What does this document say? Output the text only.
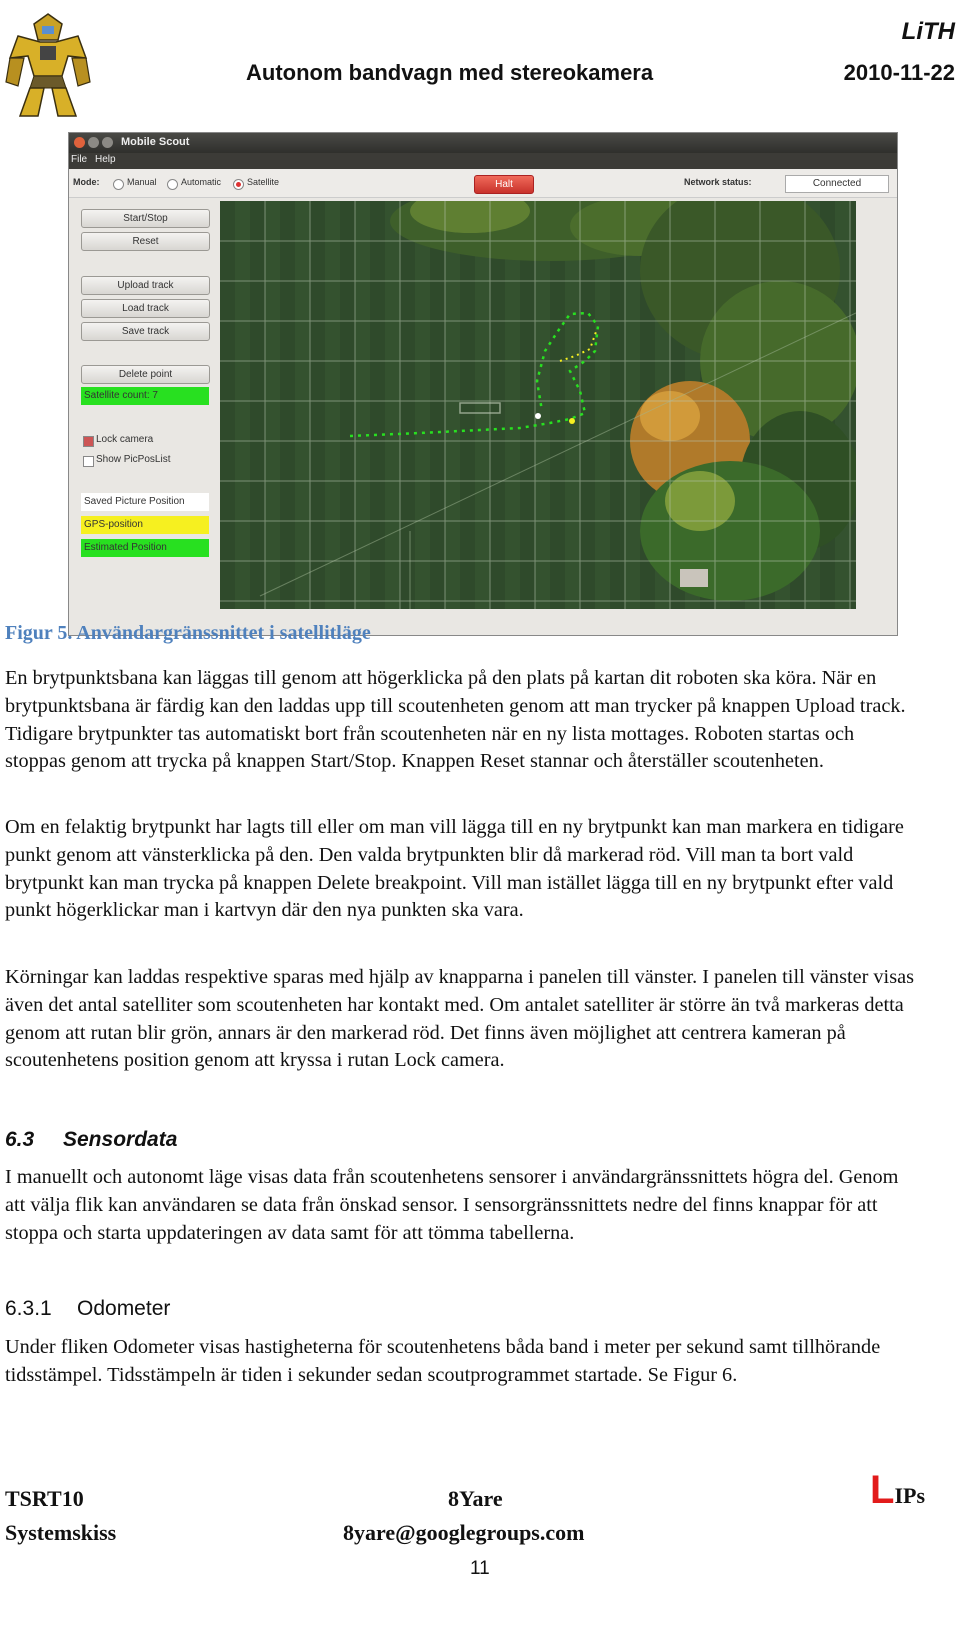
LiTH
Autonom bandvagn med stereokamera	2010-11-22
Mobile Scout
File Help
Mode:	Manual	Automatic	Satellite	Network status:
Halt	Connected
Start/Stop
Reset
Upload track
Load track
Save track
Delete point
Satellite count: 7
Lock camera
Show PicPosList
Saved Picture Position
GPS-position
Estimated Position
Figur 5. Användargränssnittet i satellitläge

En brytpunktsbana kan läggas till genom att högerklicka på den plats på kartan dit roboten ska köra. När en brytpunktsbana är färdig kan den laddas upp till scoutenheten genom att man trycker på knappen Upload track. Tidigare brytpunkter tas automatiskt bort från scoutenheten när en ny lista mottages. Roboten startas och stoppas genom att trycka på knappen Start/Stop. Knappen Reset stannar och återställer scoutenheten.

Om en felaktig brytpunkt har lagts till eller om man vill lägga till en ny brytpunkt kan man markera en tidigare punkt genom att vänsterklicka på den. Den valda brytpunkten blir då markerad röd. Vill man ta bort vald brytpunkt kan man trycka på knappen Delete breakpoint. Vill man istället lägga till en ny brytpunkt efter vald punkt högerklickar man i kartvyn där den nya punkten ska vara.

Körningar kan laddas respektive sparas med hjälp av knapparna i panelen till vänster. I panelen till vänster visas även det antal satelliter som scoutenheten har kontakt med. Om antalet satelliter är större än två markeras detta genom att rutan blir grön, annars är den markerad röd. Det finns även möjlighet att centrera kameran på scoutenhetens position genom att kryssa i rutan Lock camera.

6.3 Sensordata

I manuellt och autonomt läge visas data från scoutenhetens sensorer i användargränssnittets högra del. Genom att välja flik kan användaren se data från önskad sensor. I sensorgränssnittets nedre del finns knappar för att stoppa och starta uppdateringen av data samt för att tömma tabellerna.

6.3.1 Odometer

Under fliken Odometer visas hastigheterna för scoutenhetens båda band i meter per sekund samt tillhörande tidsstämpel. Tidsstämpeln är tiden i sekunder sedan scoutprogrammet startade. Se Figur 6.

TSRT10
Systemskiss
8Yare
8yare@googlegroups.com
11
LIPs
